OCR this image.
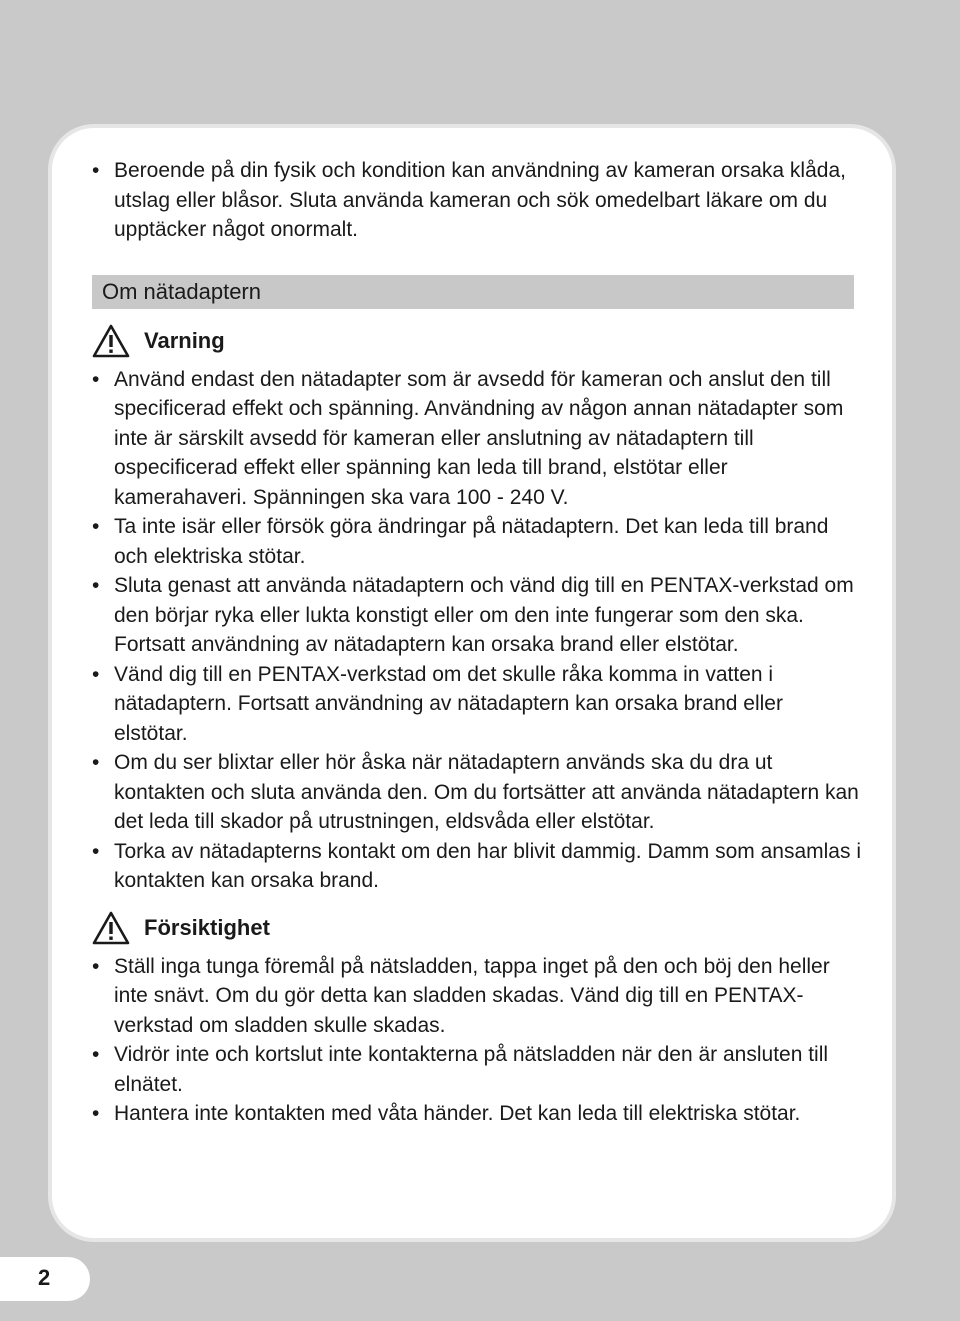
• Beroende på din fysik och kondition kan användning av kameran orsaka klåda, utslag eller blåsor. Sluta använda kameran och sök omedelbart läkare om du upptäcker något onormalt.
Om nätadaptern
Varning
• Använd endast den nätadapter som är avsedd för kameran och anslut den till specificerad effekt och spänning. Användning av någon annan nätadapter som inte är särskilt avsedd för kameran eller anslutning av nätadaptern till ospecificerad effekt eller spänning kan leda till brand, elstötar eller kamerahaveri. Spänningen ska vara 100 - 240 V.
• Ta inte isär eller försök göra ändringar på nätadaptern. Det kan leda till brand och elektriska stötar.
• Sluta genast att använda nätadaptern och vänd dig till en PENTAX-verkstad om den börjar ryka eller lukta konstigt eller om den inte fungerar som den ska. Fortsatt användning av nätadaptern kan orsaka brand eller elstötar.
• Vänd dig till en PENTAX-verkstad om det skulle råka komma in vatten i nätadaptern. Fortsatt användning av nätadaptern kan orsaka brand eller elstötar.
• Om du ser blixtar eller hör åska när nätadaptern används ska du dra ut kontakten och sluta använda den. Om du fortsätter att använda nätadaptern kan det leda till skador på utrustningen, eldsvåda eller elstötar.
• Torka av nätadapterns kontakt om den har blivit dammig. Damm som ansamlas i kontakten kan orsaka brand.
Försiktighet
• Ställ inga tunga föremål på nätsladden, tappa inget på den och böj den heller inte snävt. Om du gör detta kan sladden skadas. Vänd dig till en PENTAX-verkstad om sladden skulle skadas.
• Vidrör inte och kortslut inte kontakterna på nätsladden när den är ansluten till elnätet.
• Hantera inte kontakten med våta händer. Det kan leda till elektriska stötar.
2
